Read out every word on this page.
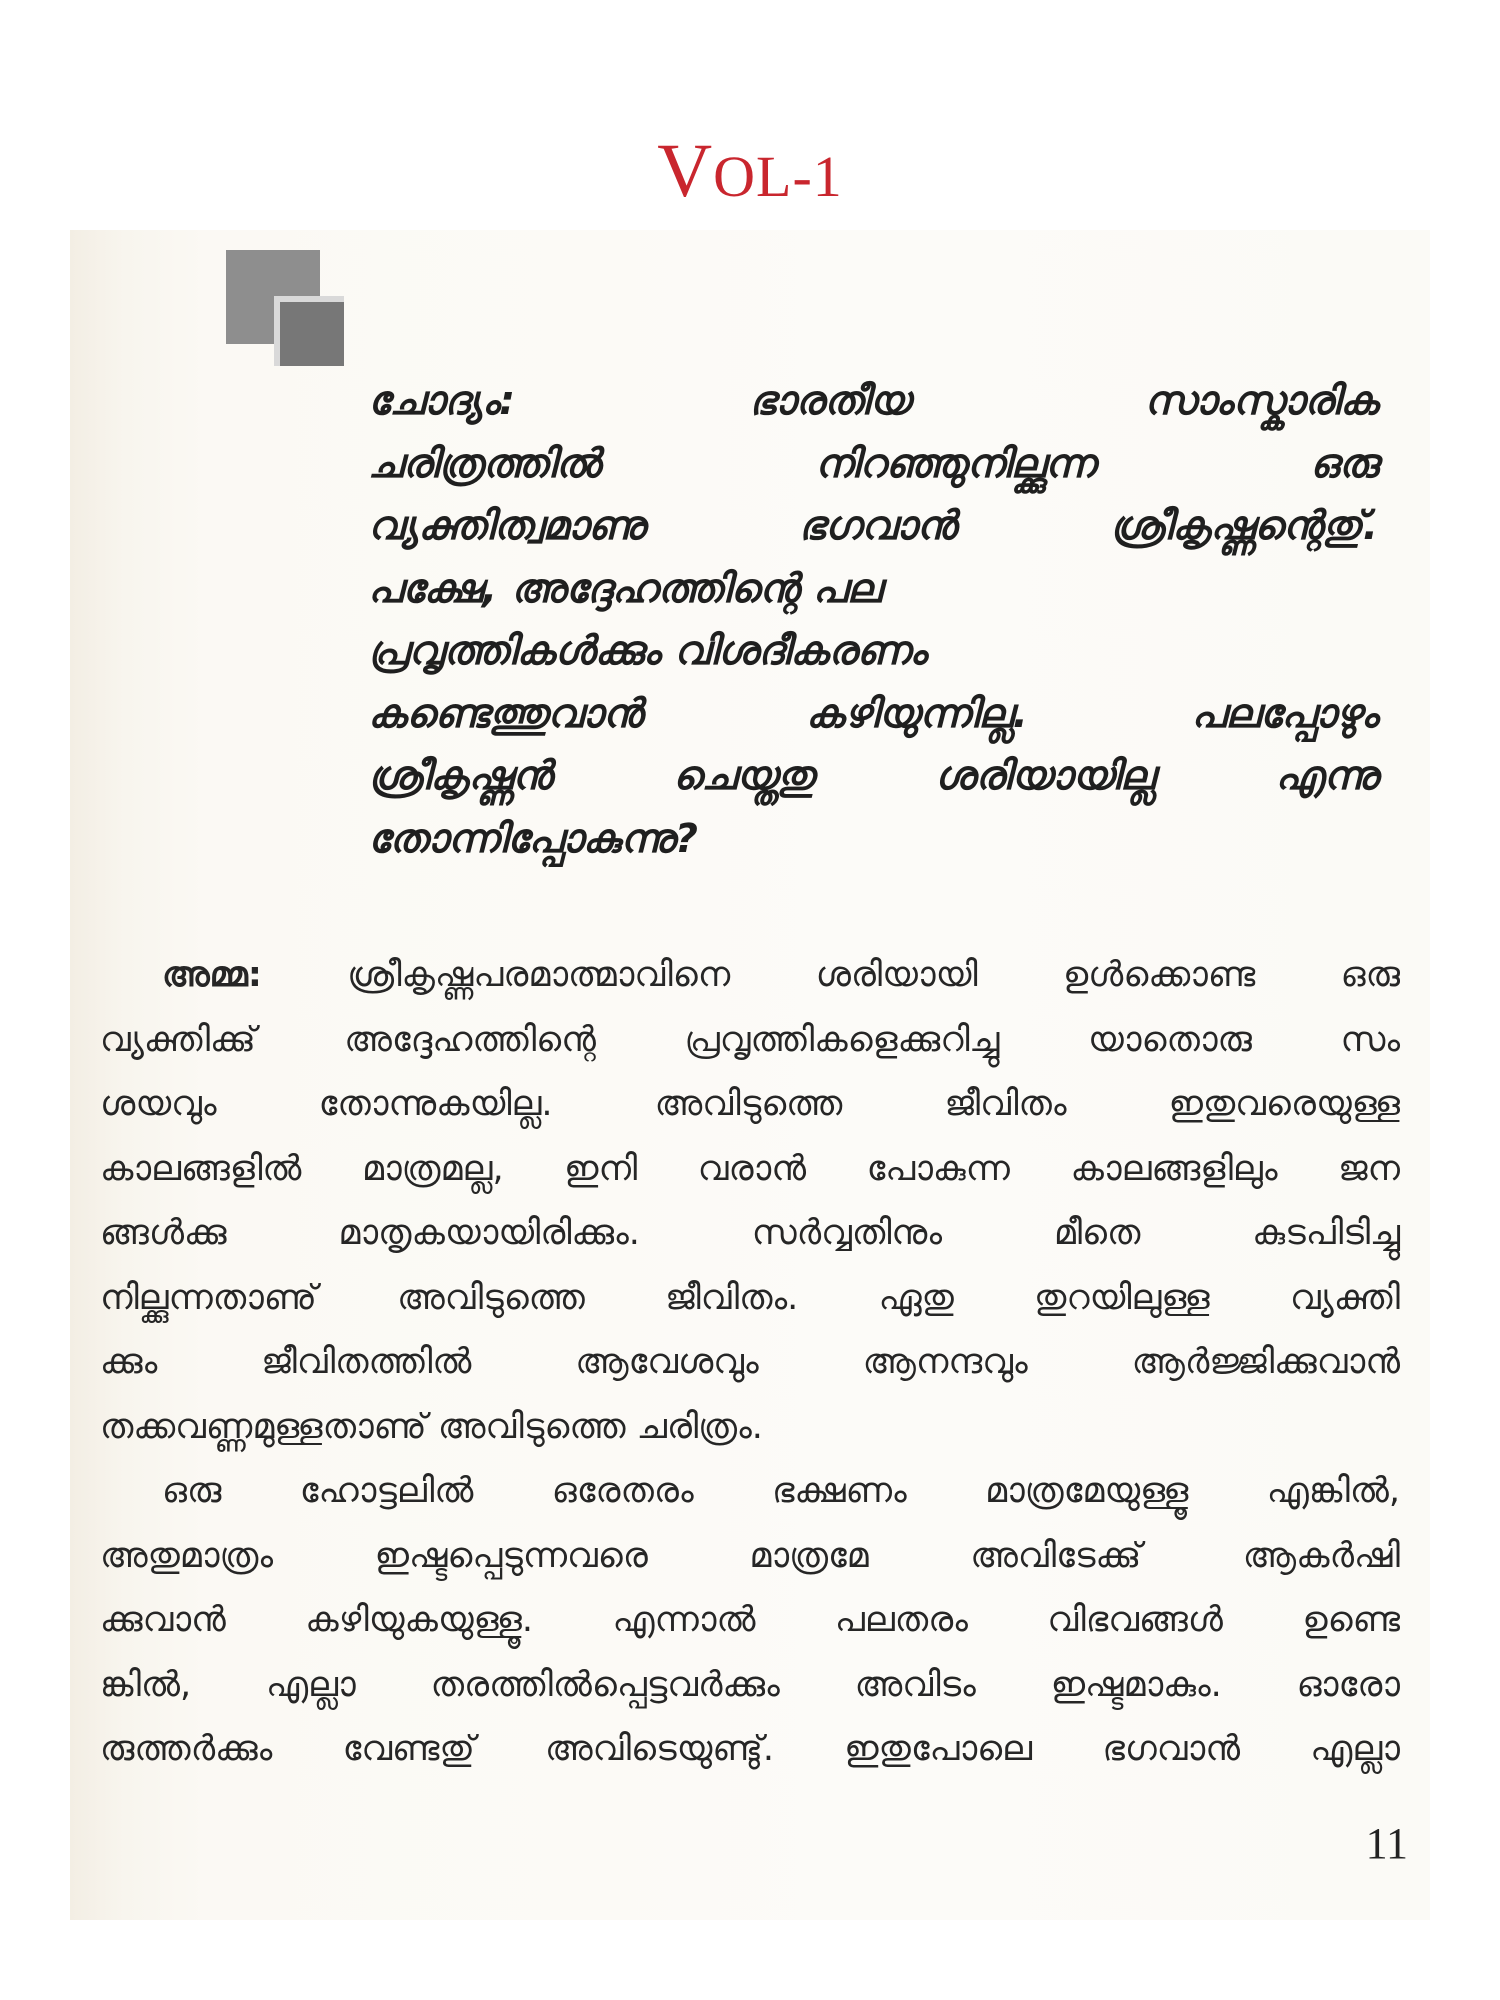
VOL-1
ചോദ്യം: ഭാരതീയ സാംസ്കാരിക
ചരിത്രത്തിൽ നിറഞ്ഞുനില്ക്കുന്ന ഒരു
വ്യക്തിത്വമാണു ഭഗവാൻ ശ്രീകൃഷ്ണന്റെതു്.
പക്ഷേ, അദ്ദേഹത്തിന്റെ പല
പ്രവൃത്തികൾക്കും വിശദീകരണം
കണ്ടെത്തുവാൻ കഴിയുന്നില്ല. പലപ്പോഴും
ശ്രീകൃഷ്ണൻ ചെയ്തതു ശരിയായില്ല എന്നു
തോന്നിപ്പോകുന്നു?
അമ്മ: ശ്രീകൃഷ്ണപരമാത്മാവിനെ ശരിയായി ഉൾക്കൊണ്ട ഒരു
വ്യക്തിക്കു് അദ്ദേഹത്തിന്റെ പ്രവൃത്തികളെക്കുറിച്ചു യാതൊരു സം
ശയവും തോന്നുകയില്ല. അവിടുത്തെ ജീവിതം ഇതുവരെയുള്ള
കാലങ്ങളിൽ മാത്രമല്ല, ഇനി വരാൻ പോകുന്ന കാലങ്ങളിലും ജന
ങ്ങൾക്കു മാതൃകയായിരിക്കും. സർവ്വതിനും മീതെ കുടപിടിച്ചു
നില്ക്കുന്നതാണു് അവിടുത്തെ ജീവിതം. ഏതു തുറയിലുള്ള വ്യക്തി
ക്കും ജീവിതത്തിൽ ആവേശവും ആനന്ദവും ആർജ്ജിക്കുവാൻ
തക്കവണ്ണമുള്ളതാണു് അവിടുത്തെ ചരിത്രം.
ഒരു ഹോട്ടലിൽ ഒരേതരം ഭക്ഷണം മാത്രമേയുള്ളൂ എങ്കിൽ,
അതുമാത്രം ഇഷ്ടപ്പെടുന്നവരെ മാത്രമേ അവിടേക്കു് ആകർഷി
ക്കുവാൻ കഴിയുകയുള്ളൂ. എന്നാൽ പലതരം വിഭവങ്ങൾ ഉണ്ടെ
ങ്കിൽ, എല്ലാ തരത്തിൽപ്പെട്ടവർക്കും അവിടം ഇഷ്ടമാകും. ഓരോ
രുത്തർക്കും വേണ്ടതു് അവിടെയുണ്ടു്. ഇതുപോലെ ഭഗവാൻ എല്ലാ
11
